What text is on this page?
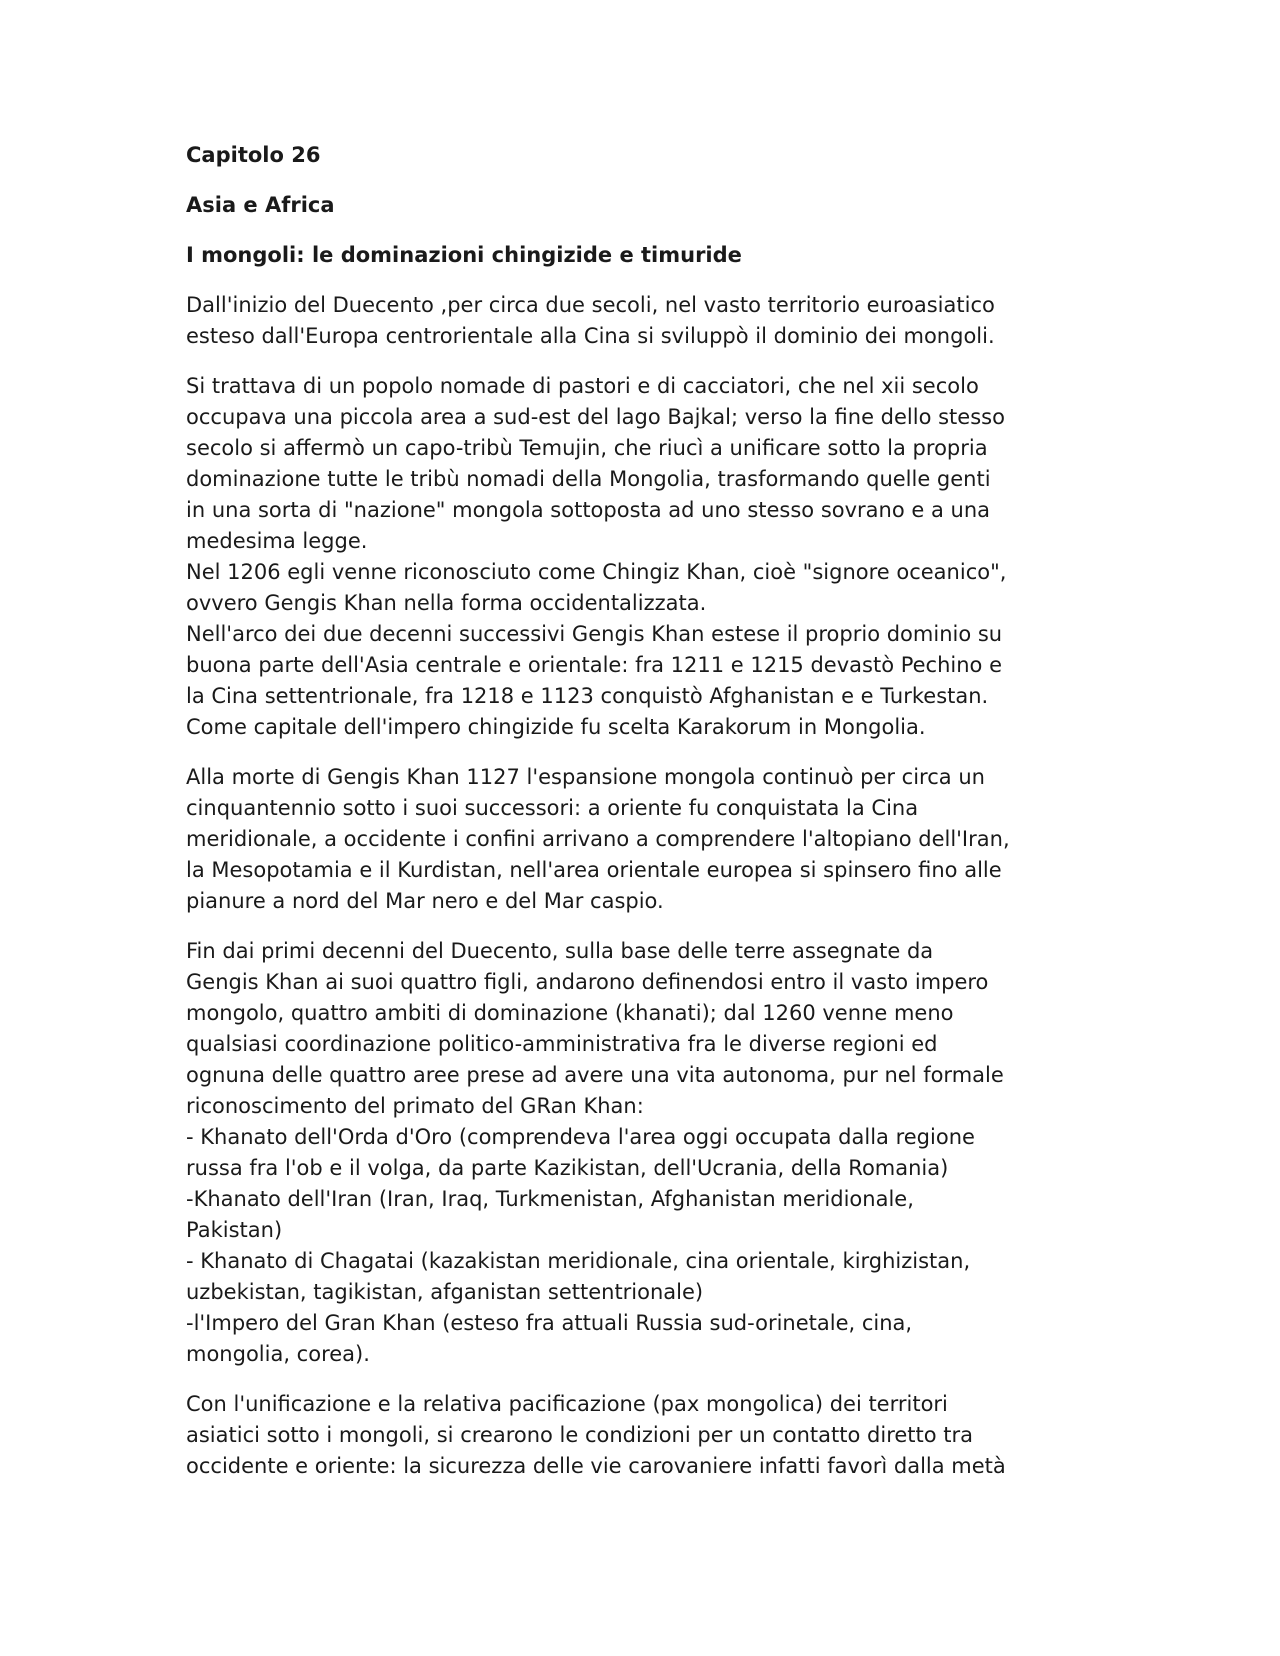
Capitolo 26
Asia e Africa
I mongoli: le dominazioni chingizide e timuride
Dall'inizio del Duecento ,per circa due secoli, nel vasto territorio euroasiatico
esteso dall'Europa centrorientale alla Cina si sviluppò il dominio dei mongoli.
Si trattava di un popolo nomade di pastori e di cacciatori, che nel xii secolo
occupava una piccola area a sud-est del lago Bajkal; verso la fine dello stesso
secolo si affermò un capo-tribù Temujin, che riucì a unificare sotto la propria
dominazione tutte le tribù nomadi della Mongolia, trasformando quelle genti
in una sorta di "nazione" mongola sottoposta ad uno stesso sovrano e a una
medesima legge.
Nel 1206 egli venne riconosciuto come Chingiz Khan, cioè "signore oceanico",
ovvero Gengis Khan nella forma occidentalizzata.
Nell'arco dei due decenni successivi Gengis Khan estese il proprio dominio su
buona parte dell'Asia centrale e orientale: fra 1211 e 1215 devastò Pechino e
la Cina settentrionale, fra 1218 e 1123 conquistò Afghanistan e e Turkestan.
Come capitale dell'impero chingizide fu scelta Karakorum in Mongolia.
Alla morte di Gengis Khan 1127 l'espansione mongola continuò per circa un
cinquantennio sotto i suoi successori: a oriente fu conquistata la Cina
meridionale, a occidente i confini arrivano a comprendere l'altopiano dell'Iran,
la Mesopotamia e il Kurdistan, nell'area orientale europea si spinsero fino alle
pianure a nord del Mar nero e del Mar caspio.
Fin dai primi decenni del Duecento, sulla base delle terre assegnate da
Gengis Khan ai suoi quattro figli, andarono definendosi entro il vasto impero
mongolo, quattro ambiti di dominazione (khanati); dal 1260 venne meno
qualsiasi coordinazione politico-amministrativa fra le diverse regioni ed
ognuna delle quattro aree prese ad avere una vita autonoma, pur nel formale
riconoscimento del primato del GRan Khan:
- Khanato dell'Orda d'Oro (comprendeva l'area oggi occupata dalla regione
russa fra l'ob e il volga, da parte Kazikistan, dell'Ucrania, della Romania)
-Khanato dell'Iran (Iran, Iraq, Turkmenistan, Afghanistan meridionale,
Pakistan)
- Khanato di Chagatai (kazakistan meridionale, cina orientale, kirghizistan,
uzbekistan, tagikistan, afganistan settentrionale)
-l'Impero del Gran Khan (esteso fra attuali Russia sud-orinetale, cina,
mongolia, corea).
Con l'unificazione e la relativa pacificazione (pax mongolica) dei territori
asiatici sotto i mongoli, si crearono le condizioni per un contatto diretto tra
occidente e oriente: la sicurezza delle vie carovaniere infatti favorì dalla metà
